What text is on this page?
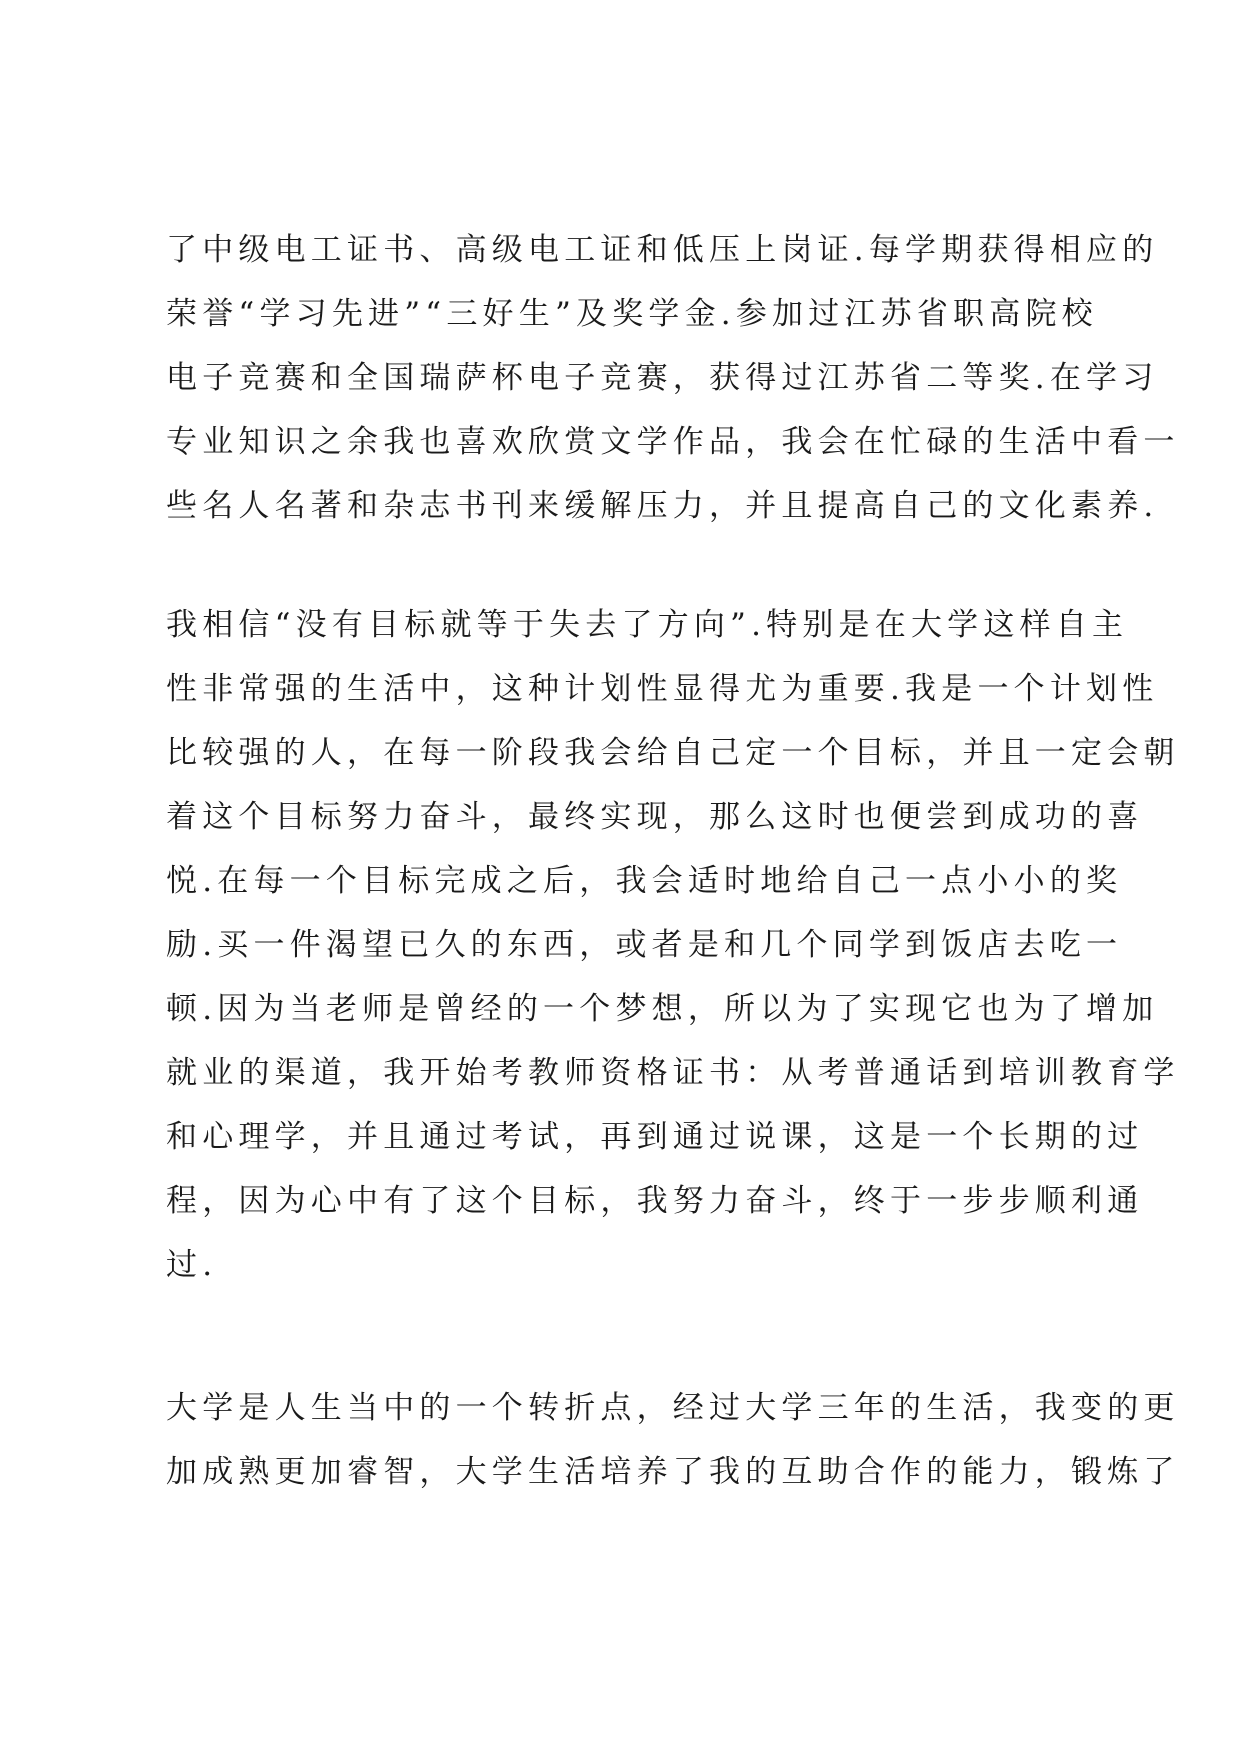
了中级电工证书、高级电工证和低压上岗证.每学期获得相应的
荣誉“学习先进”“三好生”及奖学金.参加过江苏省职高院校
电子竞赛和全国瑞萨杯电子竞赛，获得过江苏省二等奖.在学习
专业知识之余我也喜欢欣赏文学作品，我会在忙碌的生活中看一
些名人名著和杂志书刊来缓解压力，并且提高自己的文化素养.
我相信“没有目标就等于失去了方向”.特别是在大学这样自主
性非常强的生活中，这种计划性显得尤为重要.我是一个计划性
比较强的人，在每一阶段我会给自己定一个目标，并且一定会朝
着这个目标努力奋斗，最终实现，那么这时也便尝到成功的喜
悦.在每一个目标完成之后，我会适时地给自己一点小小的奖
励.买一件渴望已久的东西，或者是和几个同学到饭店去吃一
顿.因为当老师是曾经的一个梦想，所以为了实现它也为了增加
就业的渠道，我开始考教师资格证书：从考普通话到培训教育学
和心理学，并且通过考试，再到通过说课，这是一个长期的过
程，因为心中有了这个目标，我努力奋斗，终于一步步顺利通
过.
大学是人生当中的一个转折点，经过大学三年的生活，我变的更
加成熟更加睿智，大学生活培养了我的互助合作的能力，锻炼了
